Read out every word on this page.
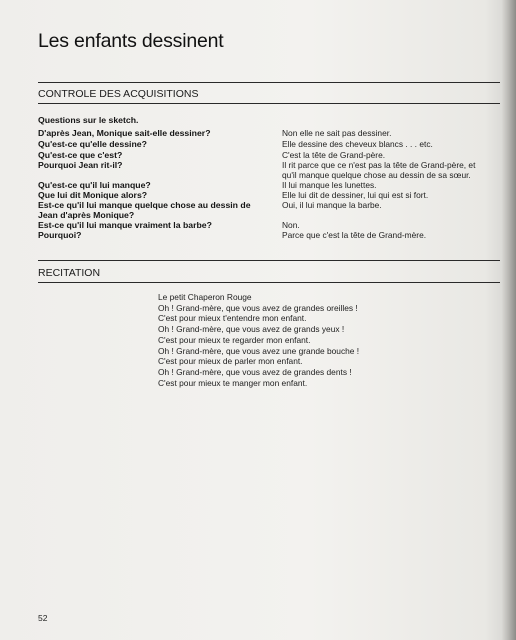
Les enfants dessinent
CONTROLE DES ACQUISITIONS
Questions sur le sketch.
D'après Jean, Monique sait-elle dessiner?
Qu'est-ce qu'elle dessine?
Qu'est-ce que c'est?
Pourquoi Jean rit-il?
Qu'est-ce qu'il lui manque?
Que lui dit Monique alors?
Est-ce qu'il lui manque quelque chose au dessin de
Jean d'après Monique?
Est-ce qu'il lui manque vraiment la barbe?
Pourquoi?
Non elle ne sait pas dessiner.
Elle dessine des cheveux blancs . . . etc.
C'est la tête de Grand-père.
Il rit parce que ce n'est pas la tête de Grand-père, et
qu'il manque quelque chose au dessin de sa sœur.
Il lui manque les lunettes.
Elle lui dit de dessiner, lui qui est si fort.
Oui, il lui manque la barbe.
Non.
Parce que c'est la tête de Grand-mère.
RECITATION
Le petit Chaperon Rouge
Oh ! Grand-mère, que vous avez de grandes oreilles !
C'est pour mieux t'entendre mon enfant.
Oh ! Grand-mère, que vous avez de grands yeux !
C'est pour mieux te regarder mon enfant.
Oh ! Grand-mère, que vous avez une grande bouche !
C'est pour mieux de parler mon enfant.
Oh ! Grand-mère, que vous avez de grandes dents !
C'est pour mieux te manger mon enfant.
52
